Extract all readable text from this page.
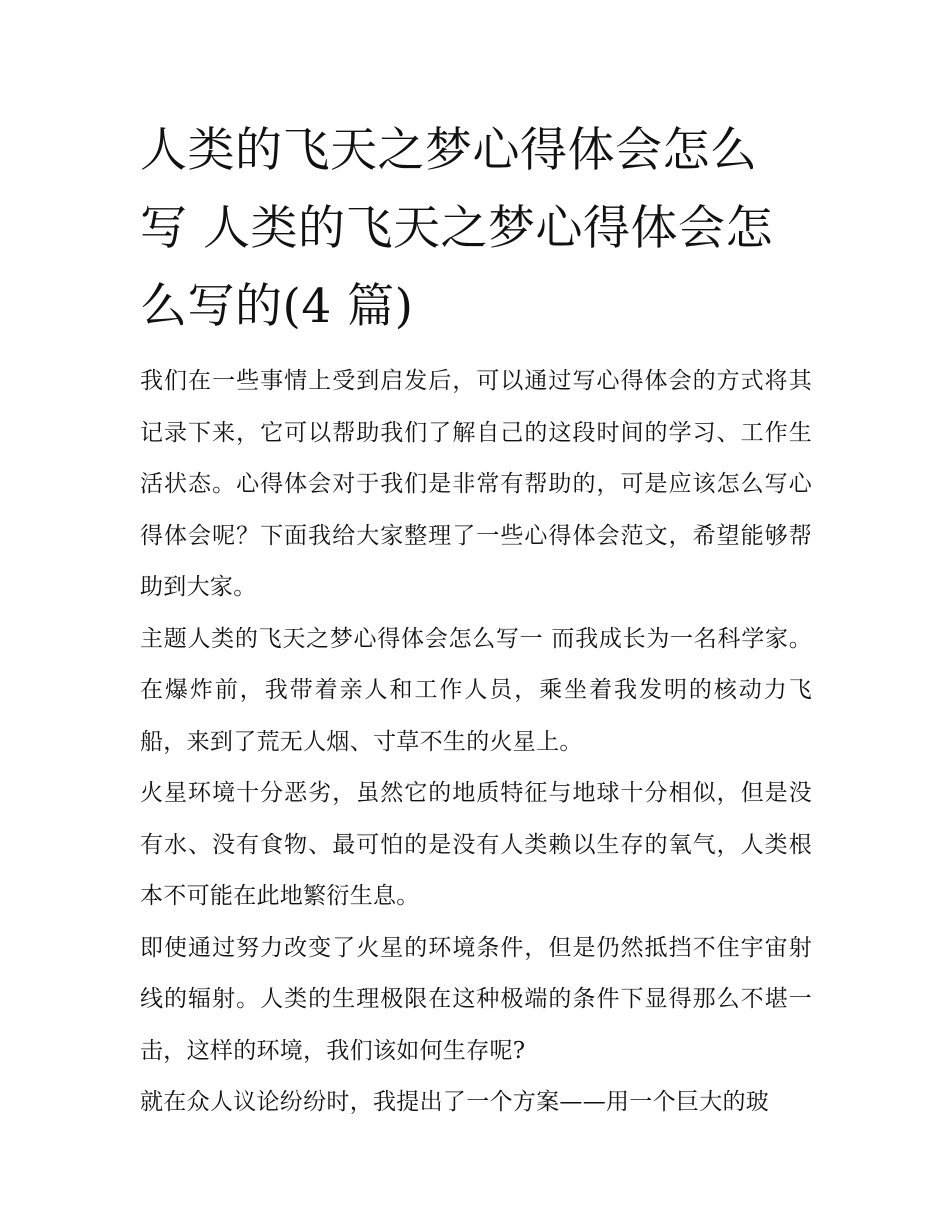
人类的飞天之梦心得体会怎么
写 人类的飞天之梦心得体会怎
么写的(4 篇)

我们在一些事情上受到启发后，可以通过写心得体会的方式将其记录下来，它可以帮助我们了解自己的这段时间的学习、工作生活状态。心得体会对于我们是非常有帮助的，可是应该怎么写心得体会呢？下面我给大家整理了一些心得体会范文，希望能够帮助到大家。

主题人类的飞天之梦心得体会怎么写一 而我成长为一名科学家。在爆炸前，我带着亲人和工作人员，乘坐着我发明的核动力飞船，来到了荒无人烟、寸草不生的火星上。

火星环境十分恶劣，虽然它的地质特征与地球十分相似，但是没有水、没有食物、最可怕的是没有人类赖以生存的氧气，人类根本不可能在此地繁衍生息。

即使通过努力改变了火星的环境条件，但是仍然抵挡不住宇宙射线的辐射。人类的生理极限在这种极端的条件下显得那么不堪一击，这样的环境，我们该如何生存呢?

就在众人议论纷纷时，我提出了一个方案——用一个巨大的玻
